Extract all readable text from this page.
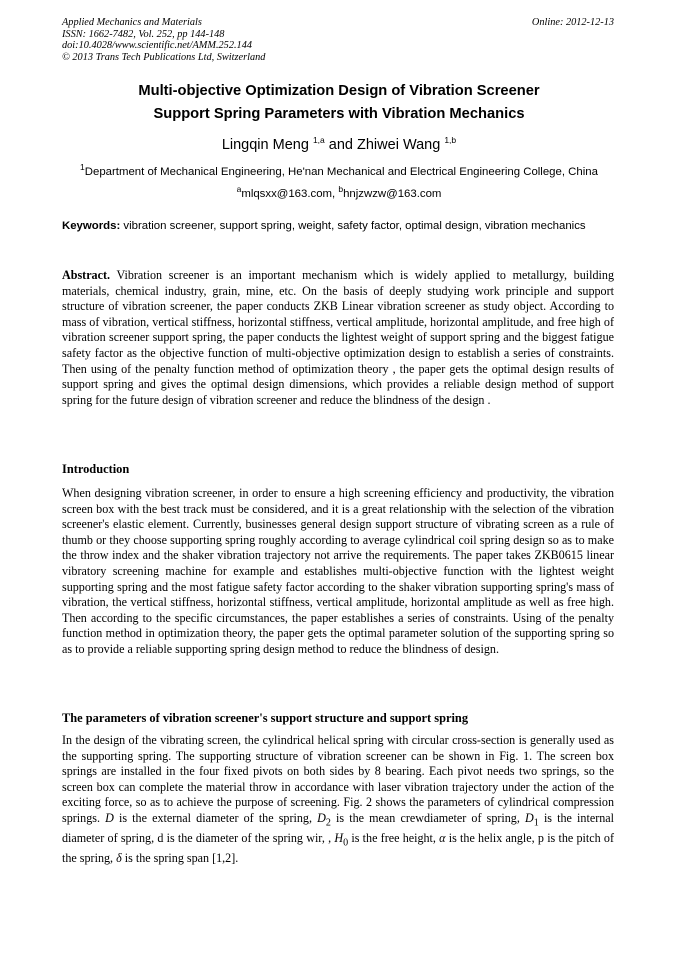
Applied Mechanics and Materials
ISSN: 1662-7482, Vol. 252, pp 144-148
doi:10.4028/www.scientific.net/AMM.252.144
© 2013 Trans Tech Publications Ltd, Switzerland
Online: 2012-12-13
Multi-objective Optimization Design of Vibration Screener
Support Spring Parameters with Vibration Mechanics
Lingqin Meng $^{1,a}$ and Zhiwei Wang $^{1,b}$
$^1$Department of Mechanical Engineering, He'nan Mechanical and Electrical Engineering College, China
$^a$mlqsxx@163.com, $^b$hnjzwzw@163.com
Keywords: vibration screener, support spring, weight, safety factor, optimal design, vibration mechanics
Abstract. Vibration screener is an important mechanism which is widely applied to metallurgy, building materials, chemical industry, grain, mine, etc. On the basis of deeply studying work principle and support structure of vibration screener, the paper conducts ZKB Linear vibration screener as study object. According to mass of vibration, vertical stiffness, horizontal stiffness, vertical amplitude, horizontal amplitude, and free high of vibration screener support spring, the paper conducts the lightest weight of support spring and the biggest fatigue safety factor as the objective function of multi-objective optimization design to establish a series of constraints. Then using of the penalty function method of optimization theory , the paper gets the optimal design results of support spring and gives the optimal design dimensions, which provides a reliable design method of support spring for the future design of vibration screener and reduce the blindness of the design .
Introduction
When designing vibration screener, in order to ensure a high screening efficiency and productivity, the vibration screen box with the best track must be considered, and it is a great relationship with the selection of the vibration screener's elastic element. Currently, businesses general design support structure of vibrating screen as a rule of thumb or they choose supporting spring roughly according to average cylindrical coil spring design so as to make the throw index and the shaker vibration trajectory not arrive the requirements. The paper takes ZKB0615 linear vibratory screening machine for example and establishes multi-objective function with the lightest weight supporting spring and the most fatigue safety factor according to the shaker vibration supporting spring's mass of vibration, the vertical stiffness, horizontal stiffness, vertical amplitude, horizontal amplitude as well as free high. Then according to the specific circumstances, the paper establishes a series of constraints. Using of the penalty function method in optimization theory, the paper gets the optimal parameter solution of the supporting spring so as to provide a reliable supporting spring design method to reduce the blindness of design.
The parameters of vibration screener's support structure and support spring
In the design of the vibrating screen, the cylindrical helical spring with circular cross-section is generally used as the supporting spring. The supporting structure of vibration screener can be shown in Fig. 1. The screen box springs are installed in the four fixed pivots on both sides by 8 bearing. Each pivot needs two springs, so the screen box can complete the material throw in accordance with laser vibration trajectory under the action of the exciting force, so as to achieve the purpose of screening. Fig. 2 shows the parameters of cylindrical compression springs. D is the external diameter of the spring, $D_2$ is the mean crewdiameter of spring, $D_1$ is the internal diameter of spring, d is the diameter of the spring wir, , $H_0$ is the free height, α is the helix angle, p is the pitch of the spring, δ is the spring span [1,2].
